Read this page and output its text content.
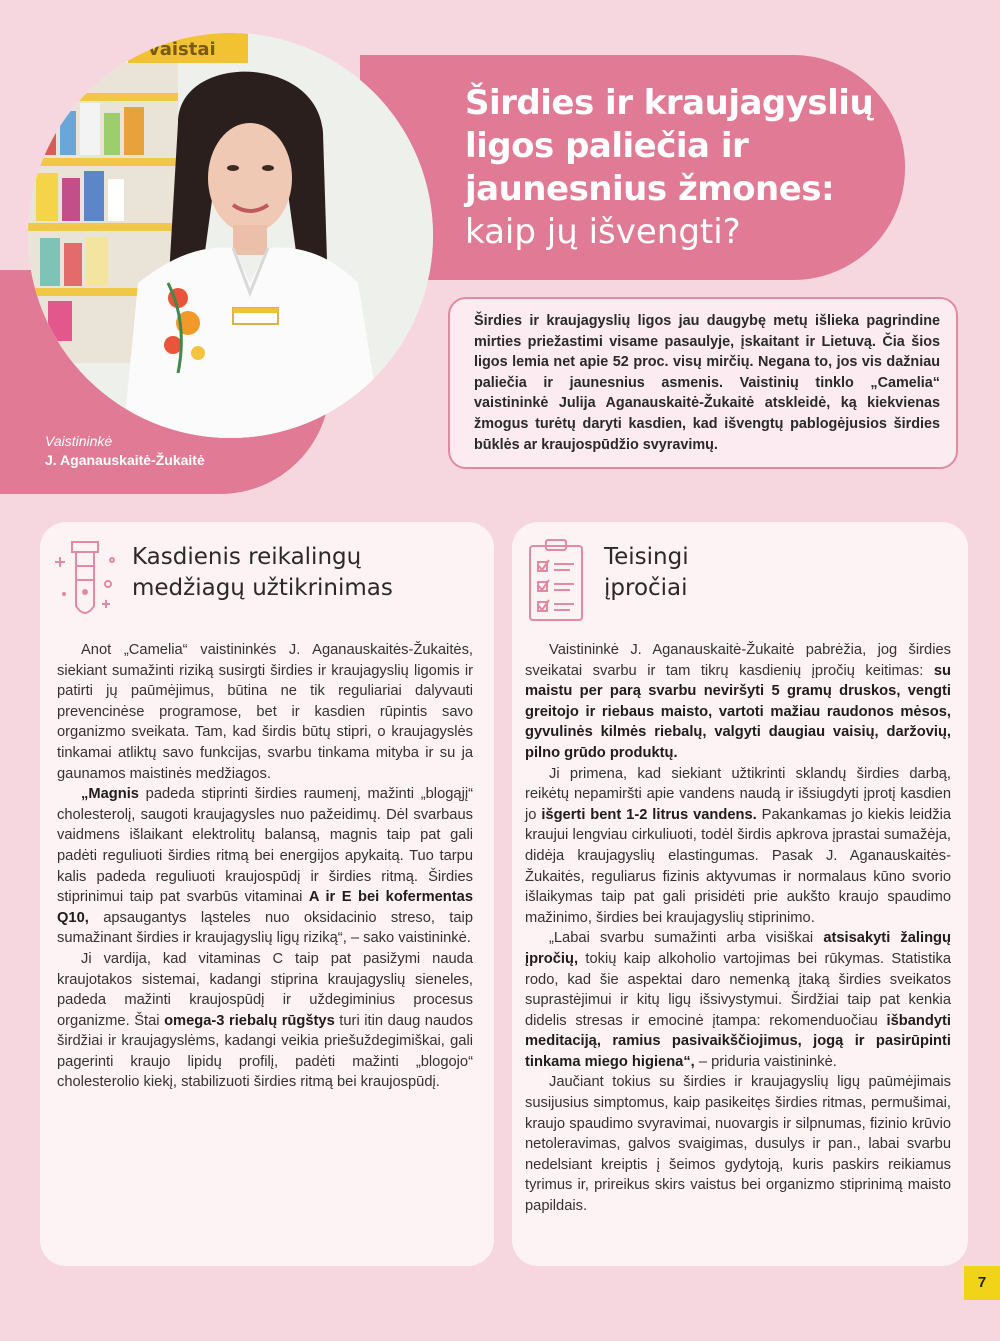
vaistai
Vaistininkė
J. Aganauskaitė-Žukaitė
Širdies ir kraujagyslių
ligos paliečia ir
jaunesnius žmones:
kaip jų išvengti?
Širdies ir kraujagyslių ligos jau daugybę metų išlieka pagrindine mirties priežastimi visame pasaulyje, įskaitant ir Lietuvą. Čia šios ligos lemia net apie 52 proc. visų mirčių. Negana to, jos vis dažniau paliečia ir jaunesnius asmenis. Vaistinių tinklo „Camelia“ vaistininkė Julija Aganauskaitė-Žukaitė atskleidė, ką kiekvienas žmogus turėtų daryti kasdien, kad išvengtų pablogėjusios širdies būklės ar kraujospūdžio svyravimų.
Kasdienis reikalingų
medžiagų užtikrinimas

Anot „Camelia“ vaistininkės J. Aganauskaitės-Žukaitės, siekiant sumažinti riziką susirgti širdies ir kraujagyslių ligomis ir patirti jų paūmėjimus, būtina ne tik reguliariai dalyvauti prevencinėse programose, bet ir kasdien rūpintis savo organizmo sveikata. Tam, kad širdis būtų stipri, o kraujagyslės tinkamai atliktų savo funkcijas, svarbu tinkama mityba ir su ja gaunamos maistinės medžiagos.

„Magnis padeda stiprinti širdies raumenį, mažinti „blogąjį“ cholesterolį, saugoti kraujagysles nuo pažeidimų. Dėl svarbaus vaidmens išlaikant elektrolitų balansą, magnis taip pat gali padėti reguliuoti širdies ritmą bei energijos apykaitą. Tuo tarpu kalis padeda reguliuoti kraujospūdį ir širdies ritmą. Širdies stiprinimui taip pat svarbūs vitaminai A ir E bei kofermentas Q10, apsaugantys ląsteles nuo oksidacinio streso, taip sumažinant širdies ir kraujagyslių ligų riziką“, – sako vaistininkė.

Ji vardija, kad vitaminas C taip pat pasižymi nauda kraujotakos sistemai, kadangi stiprina kraujagyslių sieneles, padeda mažinti kraujospūdį ir uždegiminius procesus organizme. Štai omega-3 riebalų rūgštys turi itin daug naudos širdžiai ir kraujagyslėms, kadangi veikia priešuždegimiškai, gali pagerinti kraujo lipidų profilį, padėti mažinti „blogojo“ cholesterolio kiekį, stabilizuoti širdies ritmą bei kraujospūdį.

Teisingi
įpročiai

Vaistininkė J. Aganauskaitė-Žukaitė pabrėžia, jog širdies sveikatai svarbu ir tam tikrų kasdienių įpročių keitimas: su maistu per parą svarbu neviršyti 5 gramų druskos, vengti greitojo ir riebaus maisto, vartoti mažiau raudonos mėsos, gyvulinės kilmės riebalų, valgyti daugiau vaisių, daržovių, pilno grūdo produktų.

Ji primena, kad siekiant užtikrinti sklandų širdies darbą, reikėtų nepamiršti apie vandens naudą ir išsiugdyti įprotį kasdien jo išgerti bent 1-2 litrus vandens. Pakankamas jo kiekis leidžia kraujui lengviau cirkuliuoti, todėl širdis apkrova įprastai sumažėja, didėja kraujagyslių elastingumas. Pasak J. Aganauskaitės-Žukaitės, reguliarus fizinis aktyvumas ir normalaus kūno svorio išlaikymas taip pat gali prisidėti prie aukšto kraujo spaudimo mažinimo, širdies bei kraujagyslių stiprinimo.

„Labai svarbu sumažinti arba visiškai atsisakyti žalingų įpročių, tokių kaip alkoholio vartojimas bei rūkymas. Statistika rodo, kad šie aspektai daro nemenką įtaką širdies sveikatos suprastėjimui ir kitų ligų išsivystymui. Širdžiai taip pat kenkia didelis stresas ir emocinė įtampa: rekomenduočiau išbandyti meditaciją, ramius pasivaikščiojimus, jogą ir pasirūpinti tinkama miego higiena“, – priduria vaistininkė.

Jaučiant tokius su širdies ir kraujagyslių ligų paūmėjimais susijusius simptomus, kaip pasikeitęs širdies ritmas, permušimai, kraujo spaudimo svyravimai, nuovargis ir silpnumas, fizinio krūvio netoleravimas, galvos svaigimas, dusulys ir pan., labai svarbu nedelsiant kreiptis į šeimos gydytoją, kuris paskirs reikiamus tyrimus ir, prireikus skirs vaistus bei organizmo stiprinimą maisto papildais.

7
